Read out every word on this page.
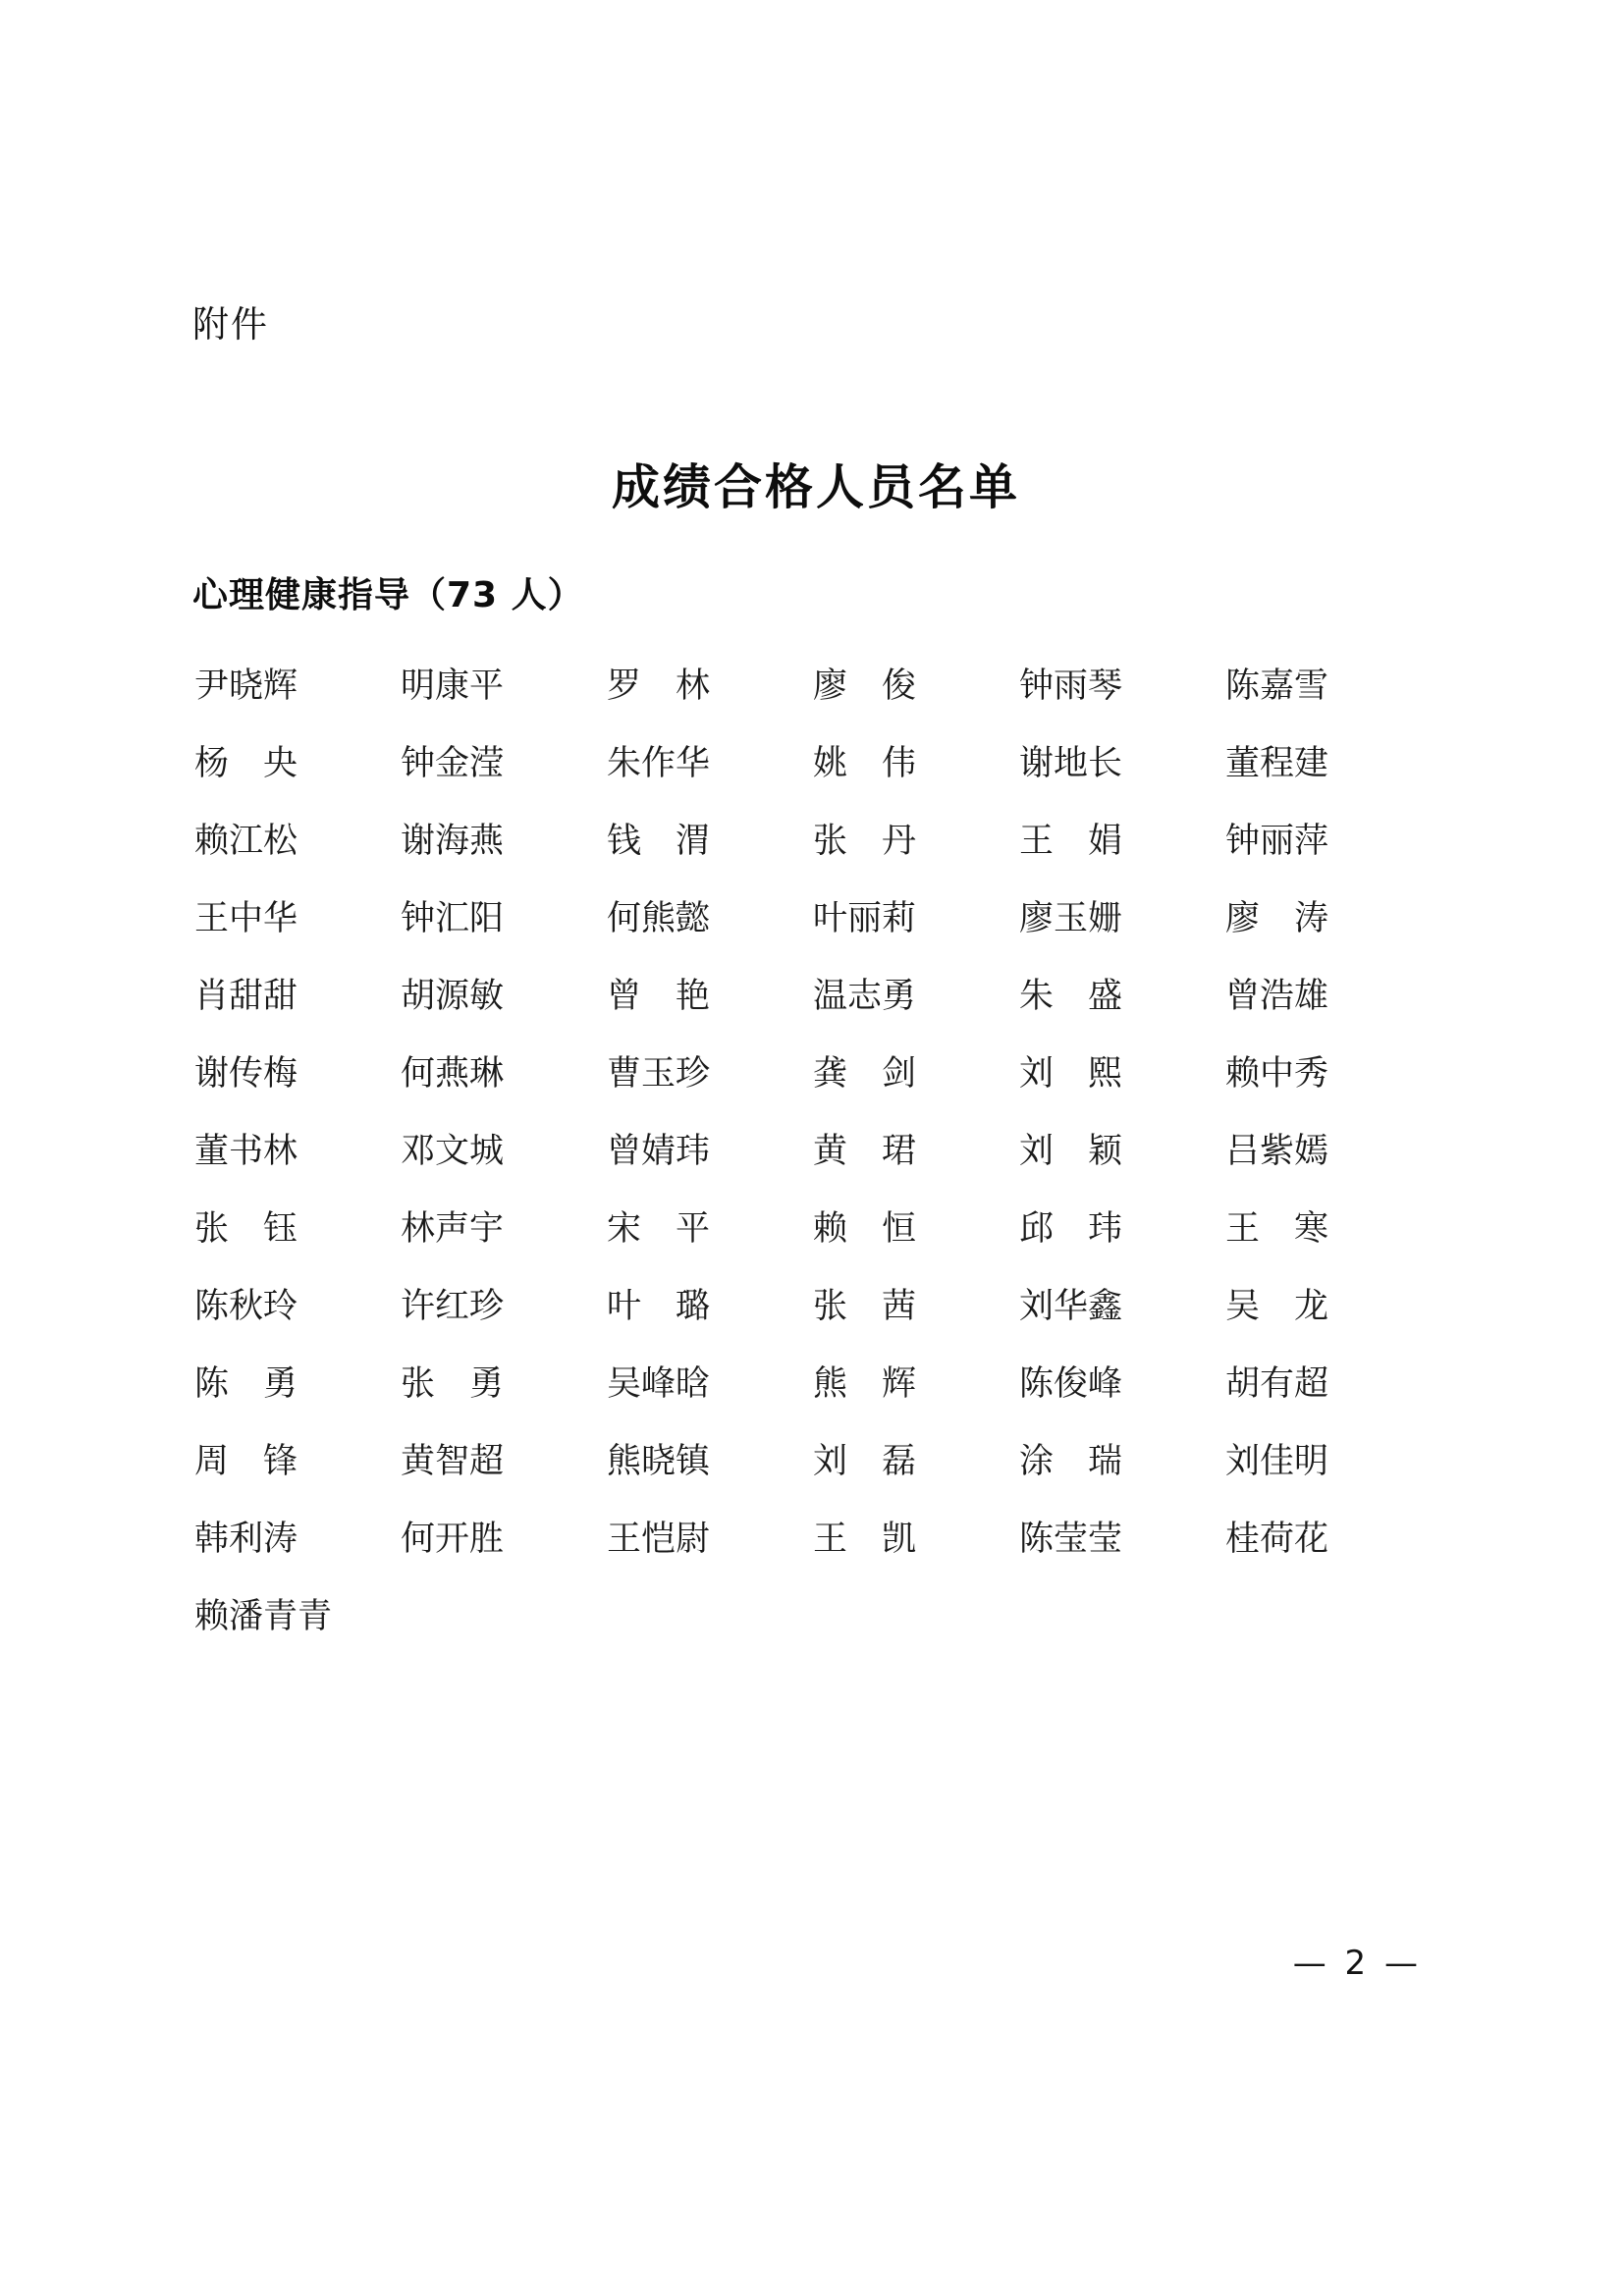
附件
成绩合格人员名单
心理健康指导（73 人）
尹晓辉	明康平	罗　林	廖　俊	钟雨琴	陈嘉雪
杨　央	钟金滢	朱作华	姚　伟	谢地长	董程建
赖江松	谢海燕	钱　渭	张　丹	王　娟	钟丽萍
王中华	钟汇阳	何熊懿	叶丽莉	廖玉姗	廖　涛
肖甜甜	胡源敏	曾　艳	温志勇	朱　盛	曾浩雄
谢传梅	何燕琳	曹玉珍	龚　剑	刘　熙	赖中秀
董书林	邓文城	曾婧玮	黄　珺	刘　颖	吕紫嫣
张　钰	林声宇	宋　平	赖　恒	邱　玮	王　寒
陈秋玲	许红珍	叶　璐	张　茜	刘华鑫	吴　龙
陈　勇	张　勇	吴峰晗	熊　辉	陈俊峰	胡有超
周　锋	黄智超	熊晓镇	刘　磊	涂　瑞	刘佳明
韩利涛	何开胜	王恺尉	王　凯	陈莹莹	桂荷花
赖潘青青
— 2 —
